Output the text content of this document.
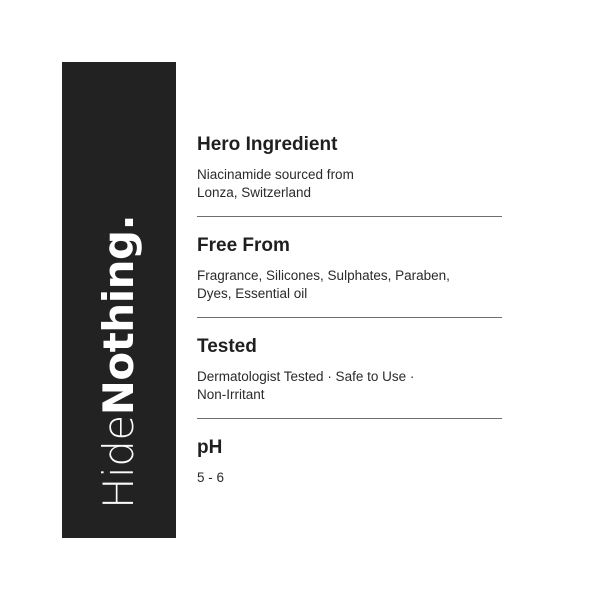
HideNothing.
Hero Ingredient

Niacinamide sourced from
Lonza, Switzerland

Free From

Fragrance, Silicones, Sulphates, Paraben,
Dyes, Essential oil

Tested

Dermatologist Tested · Safe to Use ·
Non-Irritant

pH

5 - 6
